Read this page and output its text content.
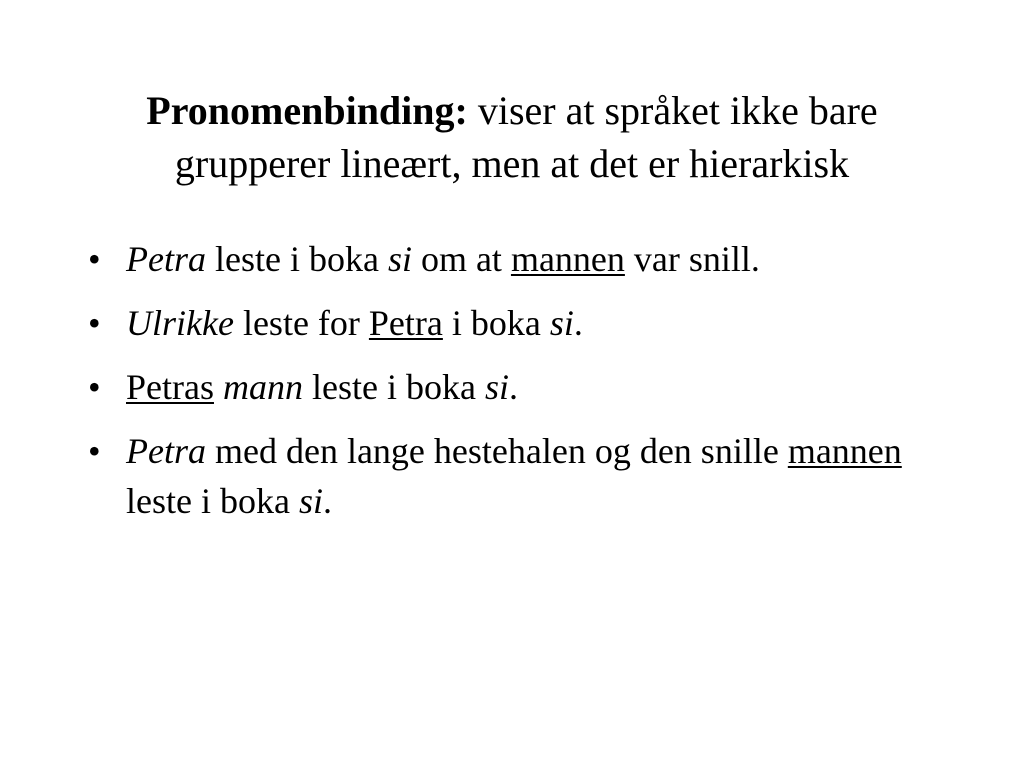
Pronomenbinding: viser at språket ikke bare
grupperer lineært, men at det er hierarkisk
• Petra leste i boka si om at mannen var snill.
• Ulrikke leste for Petra i boka si.
• Petras mann leste i boka si.
• Petra med den lange hestehalen og den snille mannen leste i boka si.
